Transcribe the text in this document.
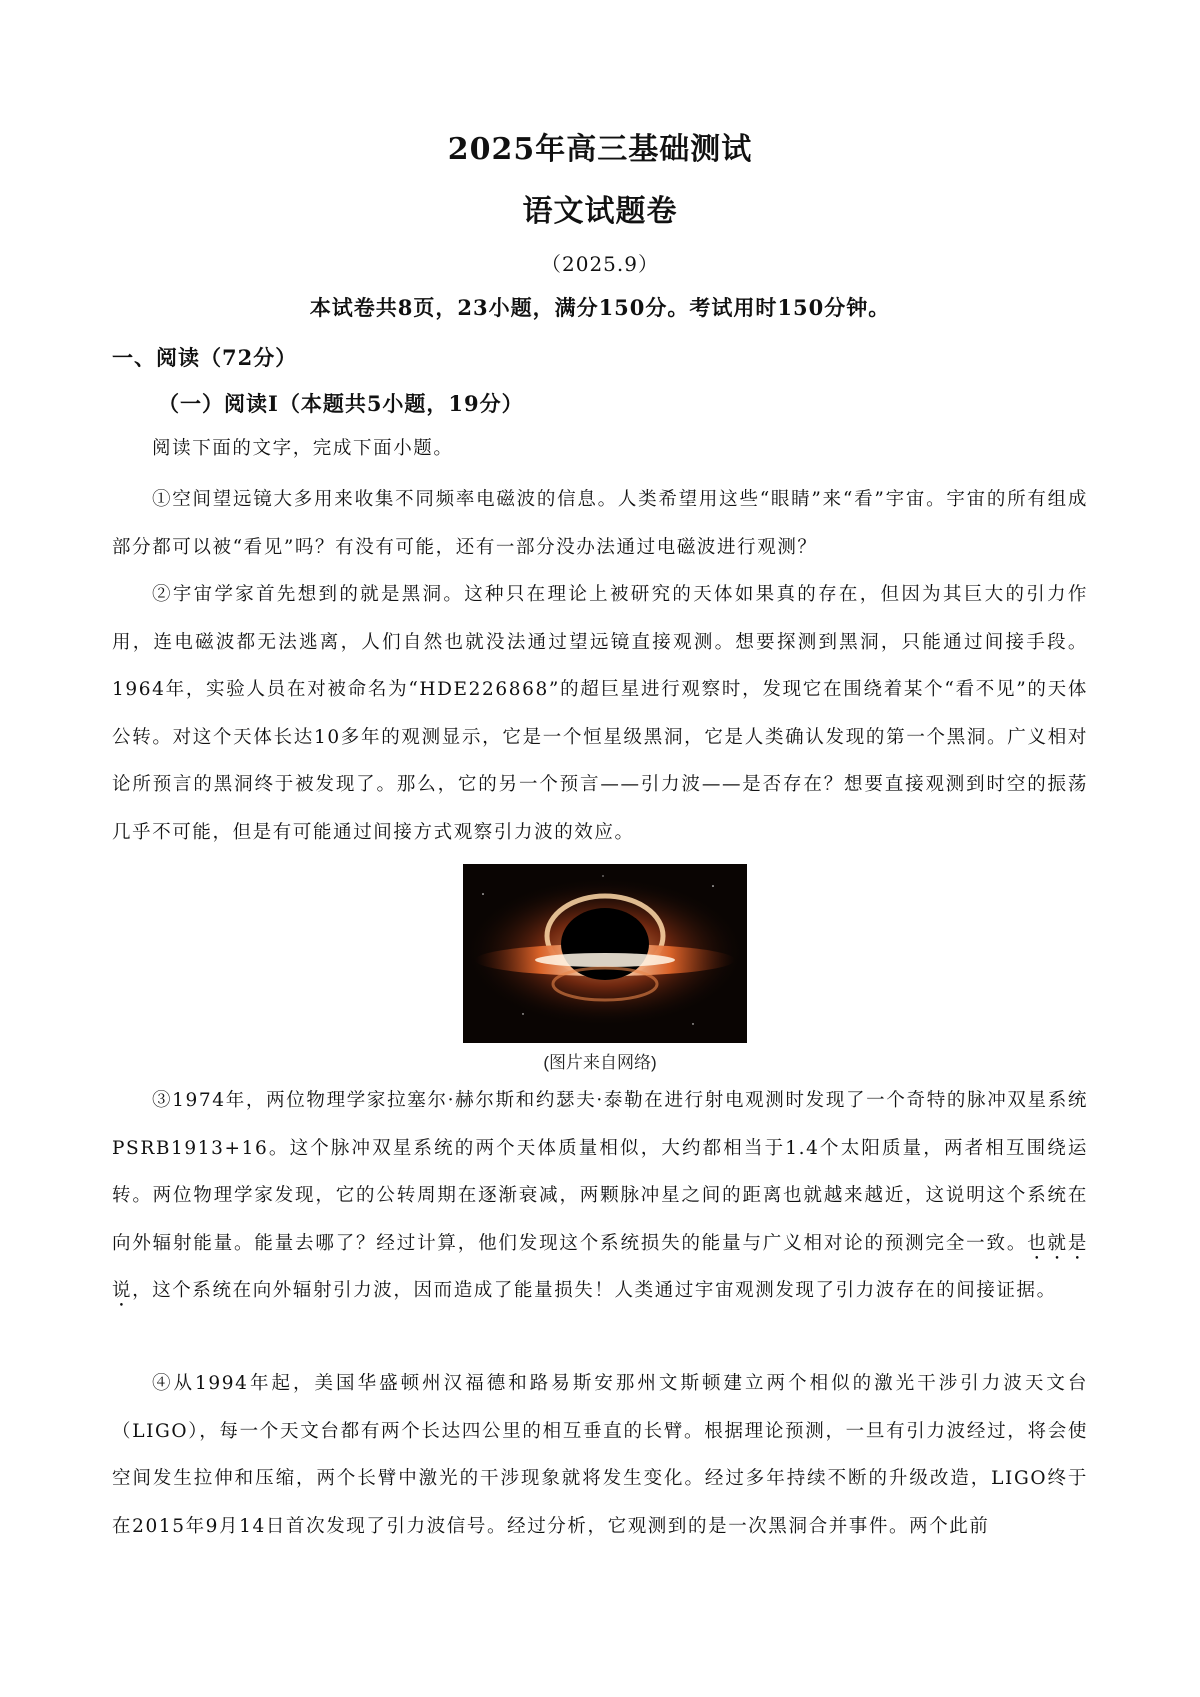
2025年高三基础测试
语文试题卷
（2025.9）
本试卷共8页，23小题，满分150分。考试用时150分钟。
一、阅读（72分）
（一）阅读Ⅰ（本题共5小题，19分）

阅读下面的文字，完成下面小题。

①空间望远镜大多用来收集不同频率电磁波的信息。人类希望用这些“眼睛”来“看”宇宙。宇宙的所有组成部分都可以被“看见”吗？有没有可能，还有一部分没办法通过电磁波进行观测？

②宇宙学家首先想到的就是黑洞。这种只在理论上被研究的天体如果真的存在，但因为其巨大的引力作用，连电磁波都无法逃离，人们自然也就没法通过望远镜直接观测。想要探测到黑洞，只能通过间接手段。1964年，实验人员在对被命名为“HDE226868”的超巨星进行观察时，发现它在围绕着某个“看不见”的天体公转。对这个天体长达10多年的观测显示，它是一个恒星级黑洞，它是人类确认发现的第一个黑洞。广义相对论所预言的黑洞终于被发现了。那么，它的另一个预言——引力波——是否存在？想要直接观测到时空的振荡几乎不可能，但是有可能通过间接方式观察引力波的效应。

(图片来自网络)

③1974年，两位物理学家拉塞尔·赫尔斯和约瑟夫·泰勒在进行射电观测时发现了一个奇特的脉冲双星系统PSRB1913+16。这个脉冲双星系统的两个天体质量相似，大约都相当于1.4个太阳质量，两者相互围绕运转。两位物理学家发现，它的公转周期在逐渐衰减，两颗脉冲星之间的距离也就越来越近，这说明这个系统在向外辐射能量。能量去哪了？经过计算，他们发现这个系统损失的能量与广义相对论的预测完全一致。也就是说，这个系统在向外辐射引力波，因而造成了能量损失！人类通过宇宙观测发现了引力波存在的间接证据。

④从1994年起，美国华盛顿州汉福德和路易斯安那州文斯顿建立两个相似的激光干涉引力波天文台（LIGO），每一个天文台都有两个长达四公里的相互垂直的长臂。根据理论预测，一旦有引力波经过，将会使空间发生拉伸和压缩，两个长臂中激光的干涉现象就将发生变化。经过多年持续不断的升级改造，LIGO终于在2015年9月14日首次发现了引力波信号。经过分析，它观测到的是一次黑洞合并事件。两个此前
